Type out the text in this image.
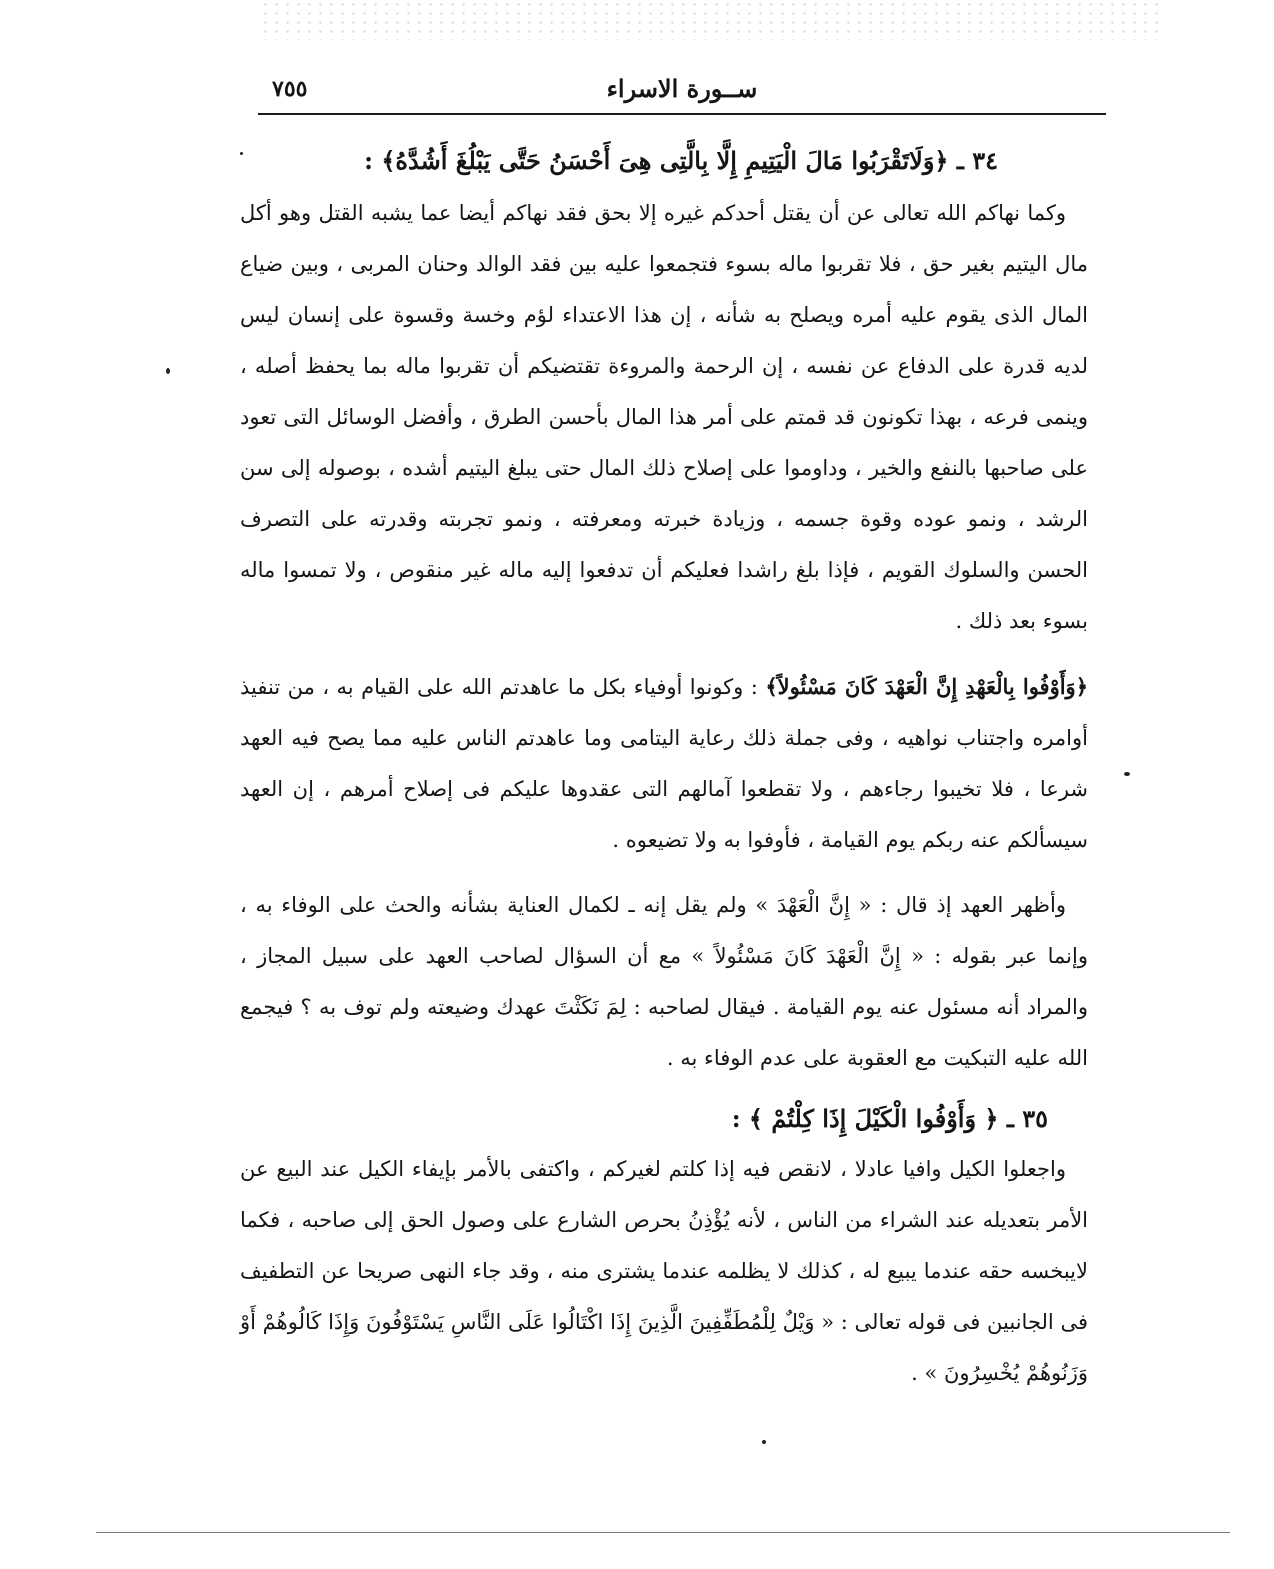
٧٥٥	ســورة الاسراء
٣٤ ـ ﴿وَلَاتَقْرَبُوا مَالَ الْيَتِيمِ إِلَّا بِالَّتِى هِىَ أَحْسَنُ حَتَّى يَبْلُغَ أَشُدَّهُ﴾ :

وكما نهاكم الله تعالى عن أن يقتل أحدكم غيره إلا بحق فقد نهاكم أيضا عما يشبه القتل وهو أكل مال اليتيم بغير حق ، فلا تقربوا ماله بسوء فتجمعوا عليه بين فقد الوالد وحنان المربى ، وبين ضياع المال الذى يقوم عليه أمره ويصلح به شأنه ، إن هذا الاعتداء لؤم وخسة وقسوة على إنسان ليس لديه قدرة على الدفاع عن نفسه ، إن الرحمة والمروءة تقتضيكم أن تقربوا ماله بما يحفظ أصله ، وينمى فرعه ، بهذا تكونون قد قمتم على أمر هذا المال بأحسن الطرق ، وأفضل الوسائل التى تعود على صاحبها بالنفع والخير ، وداوموا على إصلاح ذلك المال حتى يبلغ اليتيم أشده ، بوصوله إلى سن الرشد ، ونمو عوده وقوة جسمه ، وزيادة خبرته ومعرفته ، ونمو تجربته وقدرته على التصرف الحسن والسلوك القويم ، فإذا بلغ راشدا فعليكم أن تدفعوا إليه ماله غير منقوص ، ولا تمسوا ماله بسوء بعد ذلك .

﴿وَأَوْفُوا بِالْعَهْدِ إِنَّ الْعَهْدَ كَانَ مَسْئُولاً﴾ : وكونوا أوفياء بكل ما عاهدتم الله على القيام به ، من تنفيذ أوامره واجتناب نواهيه ، وفى جملة ذلك رعاية اليتامى وما عاهدتم الناس عليه مما يصح فيه العهد شرعا ، فلا تخيبوا رجاءهم ، ولا تقطعوا آمالهم التى عقدوها عليكم فى إصلاح أمرهم ، إن العهد سيسألكم عنه ربكم يوم القيامة ، فأوفوا به ولا تضيعوه .

وأظهر العهد إذ قال : « إِنَّ الْعَهْدَ » ولم يقل إنه ـ لكمال العناية بشأنه والحث على الوفاء به ، وإنما عبر بقوله : « إِنَّ الْعَهْدَ كَانَ مَسْئُولاً » مع أن السؤال لصاحب العهد على سبيل المجاز ، والمراد أنه مسئول عنه يوم القيامة . فيقال لصاحبه : لِمَ نَكَثْتَ عهدك وضيعته ولم توف به ؟ فيجمع الله عليه التبكيت مع العقوبة على عدم الوفاء به .

٣٥ ـ ﴿ وَأَوْفُوا الْكَيْلَ إِذَا كِلْتُمْ ﴾ :

واجعلوا الكيل وافيا عادلا ، لانقص فيه إذا كلتم لغيركم ، واكتفى بالأمر بإيفاء الكيل عند البيع عن الأمر بتعديله عند الشراء من الناس ، لأنه يُؤْذِنُ بحرص الشارع على وصول الحق إلى صاحبه ، فكما لايبخسه حقه عندما يبيع له ، كذلك لا يظلمه عندما يشترى منه ، وقد جاء النهى صريحا عن التطفيف فى الجانبين فى قوله تعالى : « وَيْلٌ لِلْمُطَفِّفِينَ الَّذِينَ إِذَا اكْتَالُوا عَلَى النَّاسِ يَسْتَوْفُونَ وَإِذَا كَالُوهُمْ أَوْ وَزَنُوهُمْ يُخْسِرُونَ » .
